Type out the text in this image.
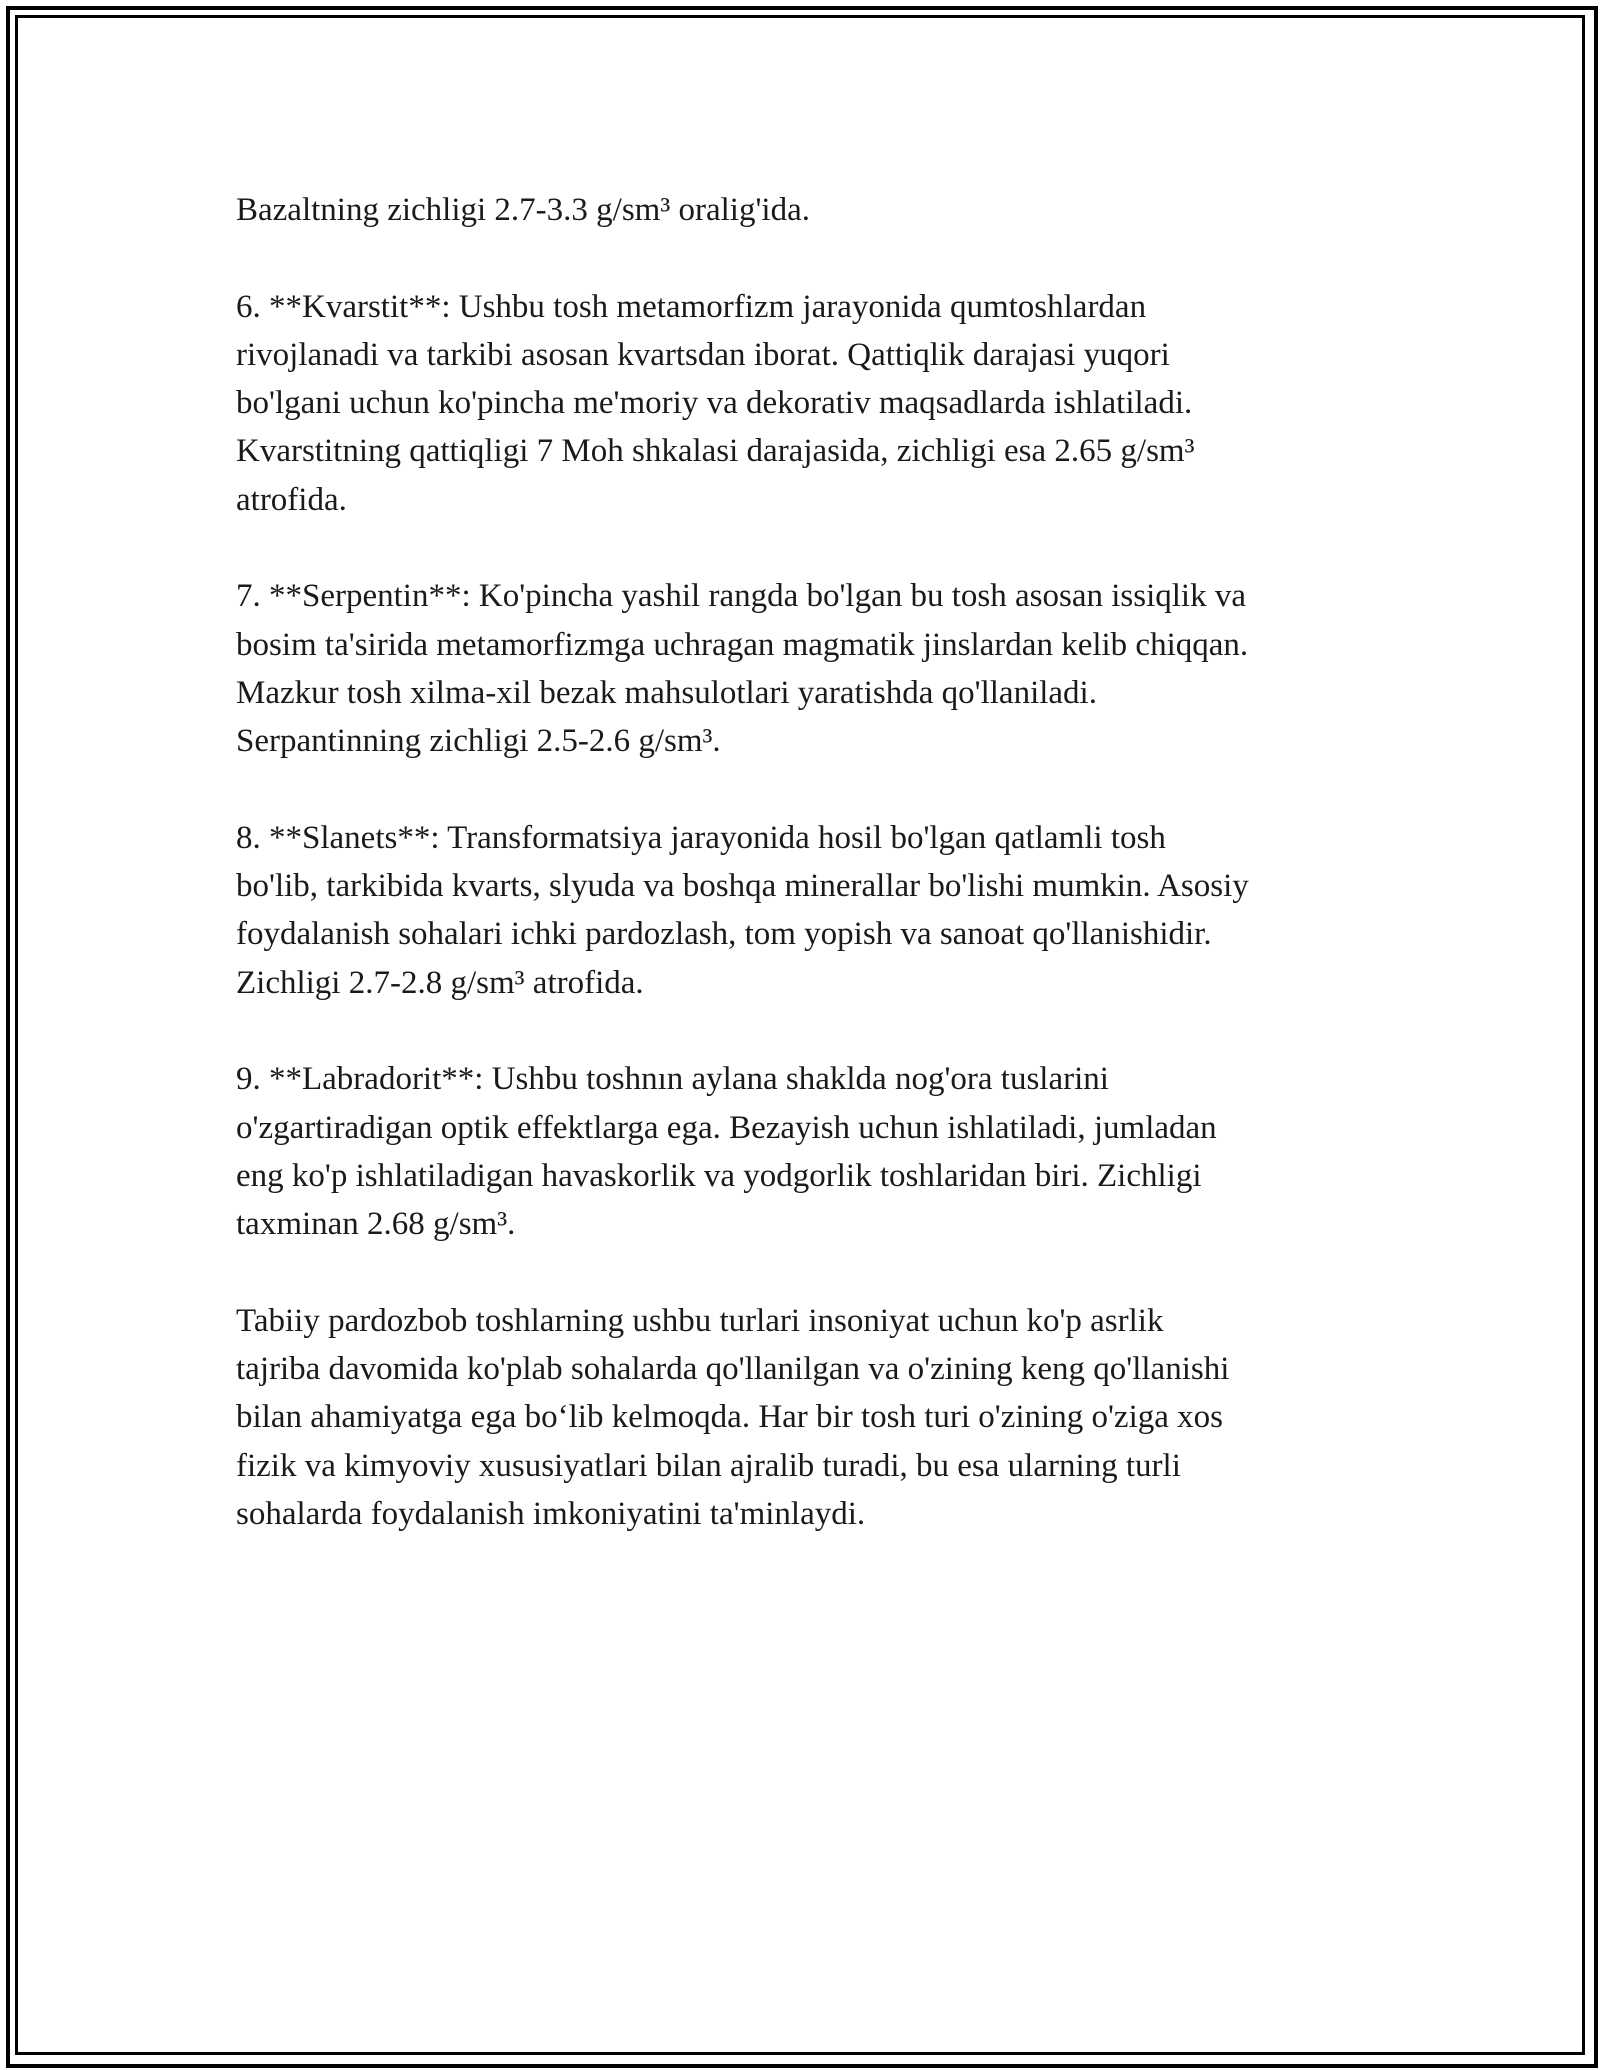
Bazaltning zichligi 2.7-3.3 g/sm³ oralig'ida.

6. **Kvarstit**: Ushbu tosh metamorfizm jarayonida qumtoshlardan
rivojlanadi va tarkibi asosan kvartsdan iborat. Qattiqlik darajasi yuqori
bo'lgani uchun ko'pincha me'moriy va dekorativ maqsadlarda ishlatiladi.
Kvarstitning qattiqligi 7 Moh shkalasi darajasida, zichligi esa 2.65 g/sm³
atrofida.

7. **Serpentin**: Ko'pincha yashil rangda bo'lgan bu tosh asosan issiqlik va
bosim ta'sirida metamorfizmga uchragan magmatik jinslardan kelib chiqqan.
Mazkur tosh xilma-xil bezak mahsulotlari yaratishda qo'llaniladi.
Serpantinning zichligi 2.5-2.6 g/sm³.

8. **Slanets**: Transformatsiya jarayonida hosil bo'lgan qatlamli tosh
bo'lib, tarkibida kvarts, slyuda va boshqa minerallar bo'lishi mumkin. Asosiy
foydalanish sohalari ichki pardozlash, tom yopish va sanoat qo'llanishidir.
Zichligi 2.7-2.8 g/sm³ atrofida.

9. **Labradorit**: Ushbu toshnın aylana shaklda nog'ora tuslarini
o'zgartiradigan optik effektlarga ega. Bezayish uchun ishlatiladi, jumladan
eng ko'p ishlatiladigan havaskorlik va yodgorlik toshlaridan biri. Zichligi
taxminan 2.68 g/sm³.

Tabiiy pardozbob toshlarning ushbu turlari insoniyat uchun ko'p asrlik
tajriba davomida ko'plab sohalarda qo'llanilgan va o'zining keng qo'llanishi
bilan ahamiyatga ega bo‘lib kelmoqda. Har bir tosh turi o'zining o'ziga xos
fizik va kimyoviy xususiyatlari bilan ajralib turadi, bu esa ularning turli
sohalarda foydalanish imkoniyatini ta'minlaydi.
